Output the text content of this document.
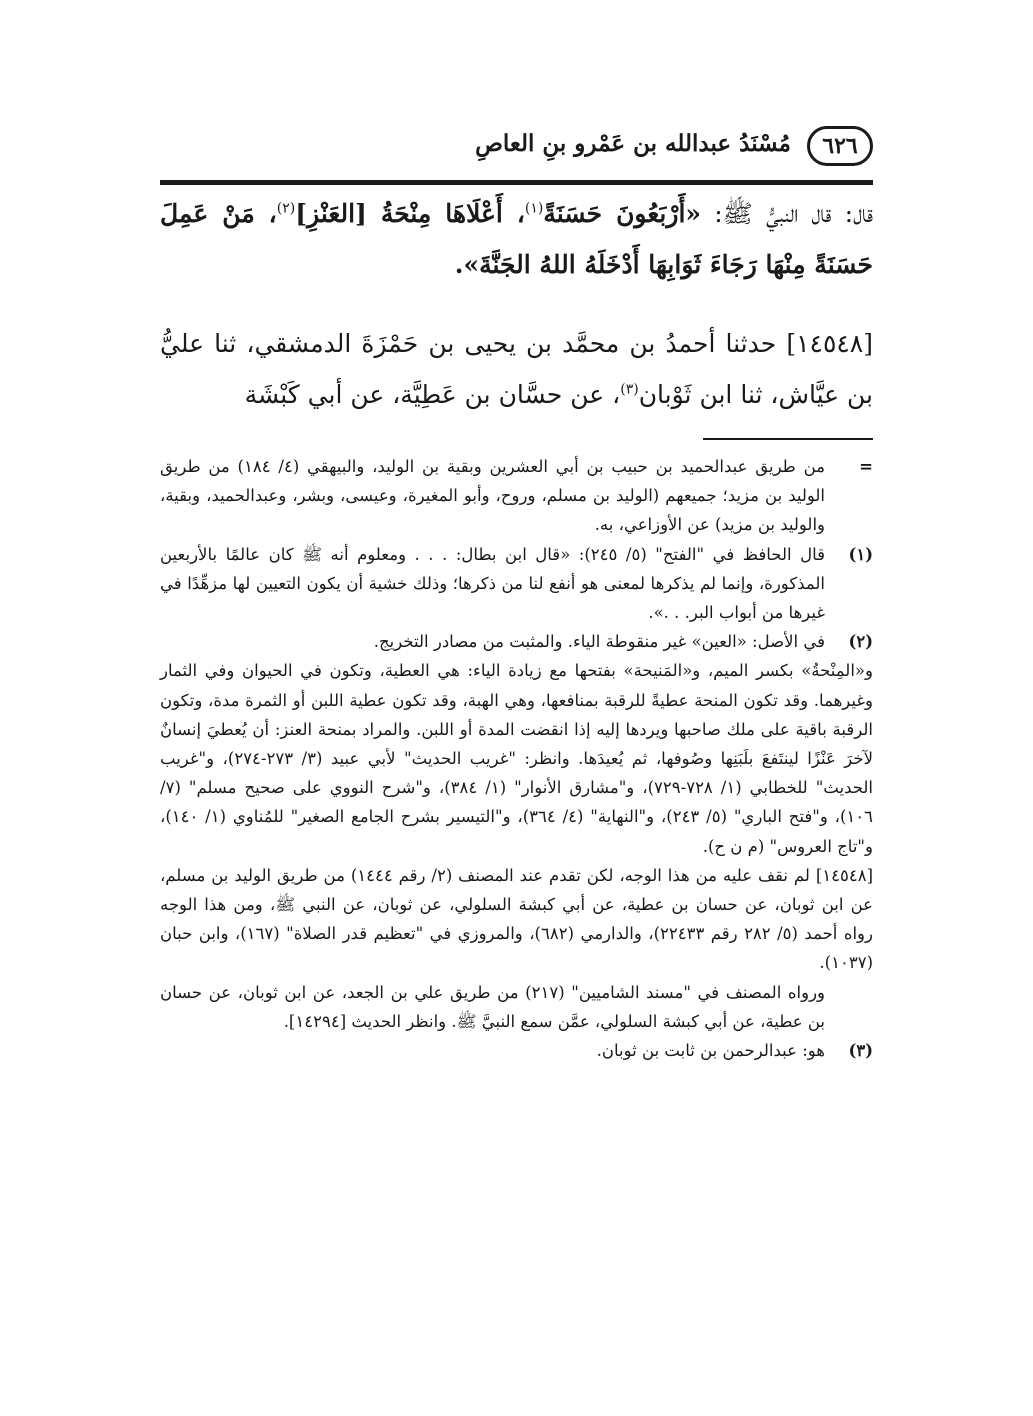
٦٢٦
مُسْنَدُ عبدالله بن عَمْرو بنِ العاصِ

قال: قال النبيُّ ﷺ: «أَرْبَعُونَ حَسَنَةً$^{(١)}$، أَعْلَاهَا مِنْحَةُ [العَنْزِ]$^{(٢)}$، مَنْ عَمِلَ حَسَنَةً مِنْهَا رَجَاءَ ثَوَابِهَا أَدْخَلَهُ اللهُ الجَنَّةَ».

[١٤٥٤٨] حدثنا أحمدُ بن محمَّد بن يحيى بن حَمْزَةَ الدمشقي، ثنا عليُّ بن عيَّاش، ثنا ابن ثَوْبان$^{(٣)}$، عن حسَّان بن عَطِيَّة، عن أبي كَبْشَة

=
من طريق عبدالحميد بن حبيب بن أبي العشرين وبقية بن الوليد، والبيهقي (٤/ ١٨٤) من طريق الوليد بن مزيد؛ جميعهم (الوليد بن مسلم، وروح، وأبو المغيرة، وعيسى، وبشر، وعبدالحميد، وبقية، والوليد بن مزيد) عن الأوزاعي، به.
(١)
قال الحافظ في "الفتح" (٥/ ٢٤٥): «قال ابن بطال: . . . ومعلوم أنه ﷺ كان عالمًا بالأربعين المذكورة، وإنما لم يذكرها لمعنى هو أنفع لنا من ذكرها؛ وذلك خشية أن يكون التعيين لها مزهِّدًا في غيرها من أبواب البر. . .».
(٢)
في الأصل: «العين» غير منقوطة الياء. والمثبت من مصادر التخريج.
و«المِنْحةُ» بكسر الميم، و«المَنيحة» بفتحها مع زيادة الياء: هي العطية، وتكون في الحيوان وفي الثمار وغيرهما. وقد تكون المنحة عطيةً للرقبة بمنافعها، وهي الهبة، وقد تكون عطية اللبن أو الثمرة مدة، وتكون الرقبة باقية على ملك صاحبها ويردها إليه إذا انقضت المدة أو اللبن. والمراد بمنحة العنز: أن يُعطيَ إنسانٌ لآخرَ عَنْزًا لينتَفعَ بلَبَنِها وصُوفها، ثم يُعيدَها. وانظر: "غريب الحديث" لأبي عبيد (٣/ ٢٧٣-٢٧٤)، و"غريب الحديث" للخطابي (١/ ٧٢٨-٧٢٩)، و"مشارق الأنوار" (١/ ٣٨٤)، و"شرح النووي على صحيح مسلم" (٧/ ١٠٦)، و"فتح الباري" (٥/ ٢٤٣)، و"النهاية" (٤/ ٣٦٤)، و"التيسير بشرح الجامع الصغير" للمُناوي (١/ ١٤٠)، و"تاج العروس" (م ن ح).
[١٤٥٤٨] لم نقف عليه من هذا الوجه، لكن تقدم عند المصنف (٢/ رقم ١٤٤٤) من طريق الوليد بن مسلم، عن ابن ثوبان، عن حسان بن عطية، عن أبي كبشة السلولي، عن ثوبان، عن النبي ﷺ، ومن هذا الوجه رواه أحمد (٥/ ٢٨٢ رقم ٢٢٤٣٣)، والدارمي (٦٨٢)، والمروزي في "تعظيم قدر الصلاة" (١٦٧)، وابن حبان (١٠٣٧).
ورواه المصنف في "مسند الشاميين" (٢١٧) من طريق علي بن الجعد، عن ابن ثوبان، عن حسان بن عطية، عن أبي كبشة السلولي، عمَّن سمع النبيَّ ﷺ. وانظر الحديث [١٤٢٩٤].
(٣)
هو: عبدالرحمن بن ثابت بن ثوبان.
